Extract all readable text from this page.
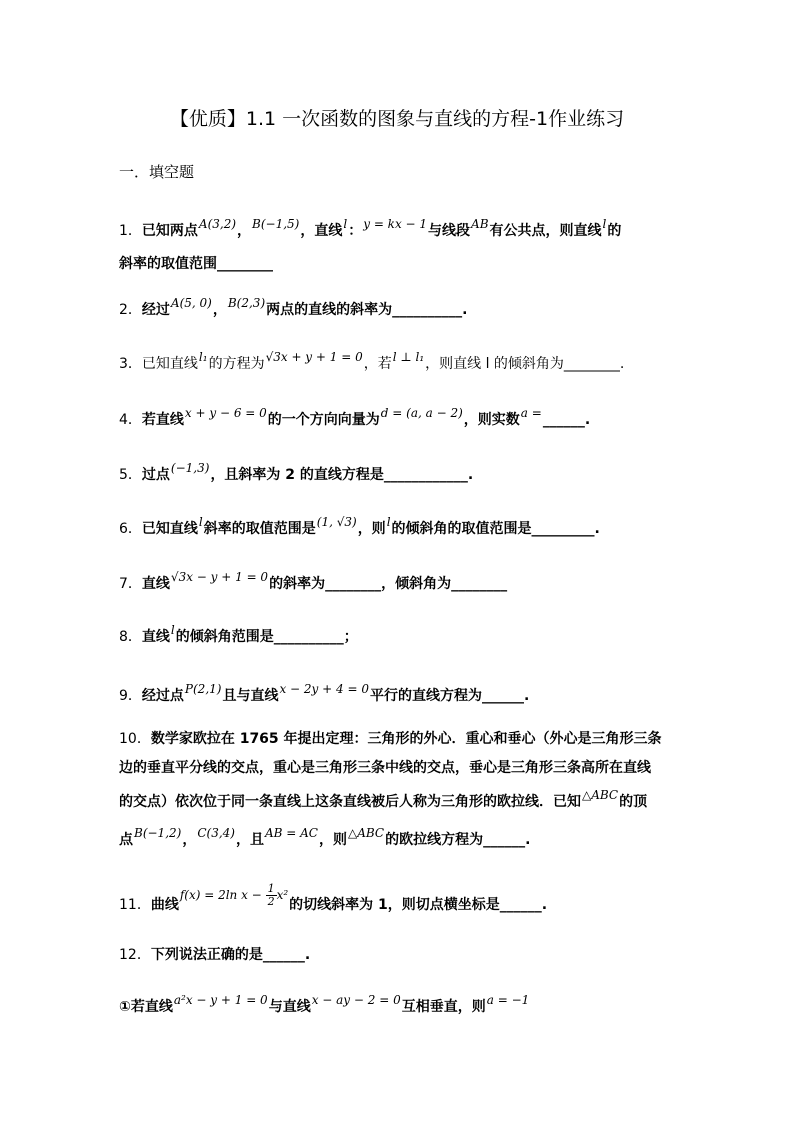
【优质】1.1 一次函数的图象与直线的方程-1作业练习
一．填空题
1．已知两点A(3,2)，B(−1,5)，直线l：y = kx − 1与线段AB有公共点，则直线l的
斜率的取值范围________
2．经过A(5, 0)，B(2,3)两点的直线的斜率为__________.
3．已知直线l₁的方程为√3x + y + 1 = 0，若l ⊥ l₁，则直线 l 的倾斜角为________.
4．若直线x + y − 6 = 0的一个方向向量为d = (a, a − 2)，则实数a =______.
5．过点(−1,3)，且斜率为 2 的直线方程是____________.
6．已知直线l斜率的取值范围是(1, √3)，则l的倾斜角的取值范围是_________.
7．直线√3x − y + 1 = 0的斜率为________，倾斜角为________
8．直线l的倾斜角范围是__________；
9．经过点P(2,1)且与直线x − 2y + 4 = 0平行的直线方程为______.
10．数学家欧拉在 1765 年提出定理：三角形的外心．重心和垂心（外心是三角形三条
边的垂直平分线的交点，重心是三角形三条中线的交点，垂心是三角形三条高所在直线
的交点）依次位于同一条直线上这条直线被后人称为三角形的欧拉线．已知△ABC的顶
点B(−1,2)，C(3,4)，且AB = AC，则△ABC的欧拉线方程为______.
11．曲线f(x) = 2ln $x - \frac{1}{2} x^2$的切线斜率为 1，则切点横坐标是______.
12．下列说法正确的是______.
①若直线a²x − y + 1 = 0与直线x − ay − 2 = 0互相垂直，则a = −1
